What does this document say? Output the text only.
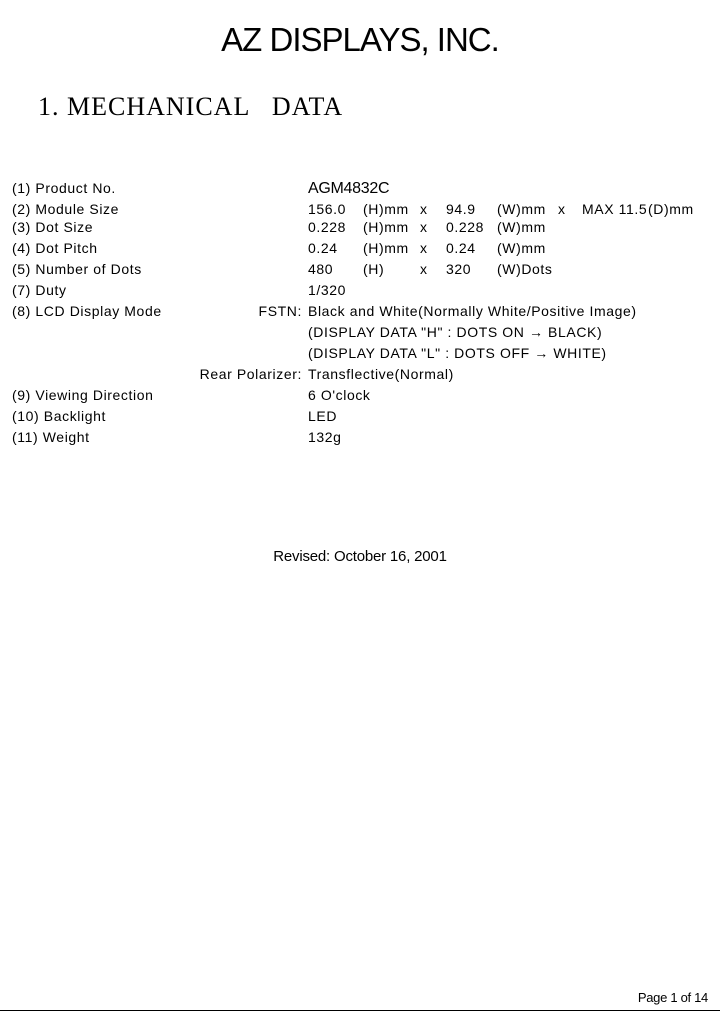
AZ DISPLAYS, INC.
1. MECHANICAL   DATA
(1) Product No.	AGM4832C
(2) Module Size	156.0 (H)mm x 94.9 (W)mm x MAX 11.5 (D)mm
(3) Dot Size	0.228 (H)mm x 0.228 (W)mm
(4) Dot Pitch	0.24 (H)mm x 0.24 (W)mm
(5) Number of Dots	480 (H)	x 320 (W)Dots
(7) Duty	1/320
(8) LCD Display Mode	FSTN: Black and White(Normally White/Positive Image)
(DISPLAY DATA "H" : DOTS ON → BLACK)
(DISPLAY DATA "L" : DOTS OFF → WHITE)
Rear Polarizer: Transflective(Normal)
(9) Viewing Direction	6 O'clock
(10) Backlight	LED
(11) Weight	132g
Revised: October 16, 2001
Page 1 of 14
